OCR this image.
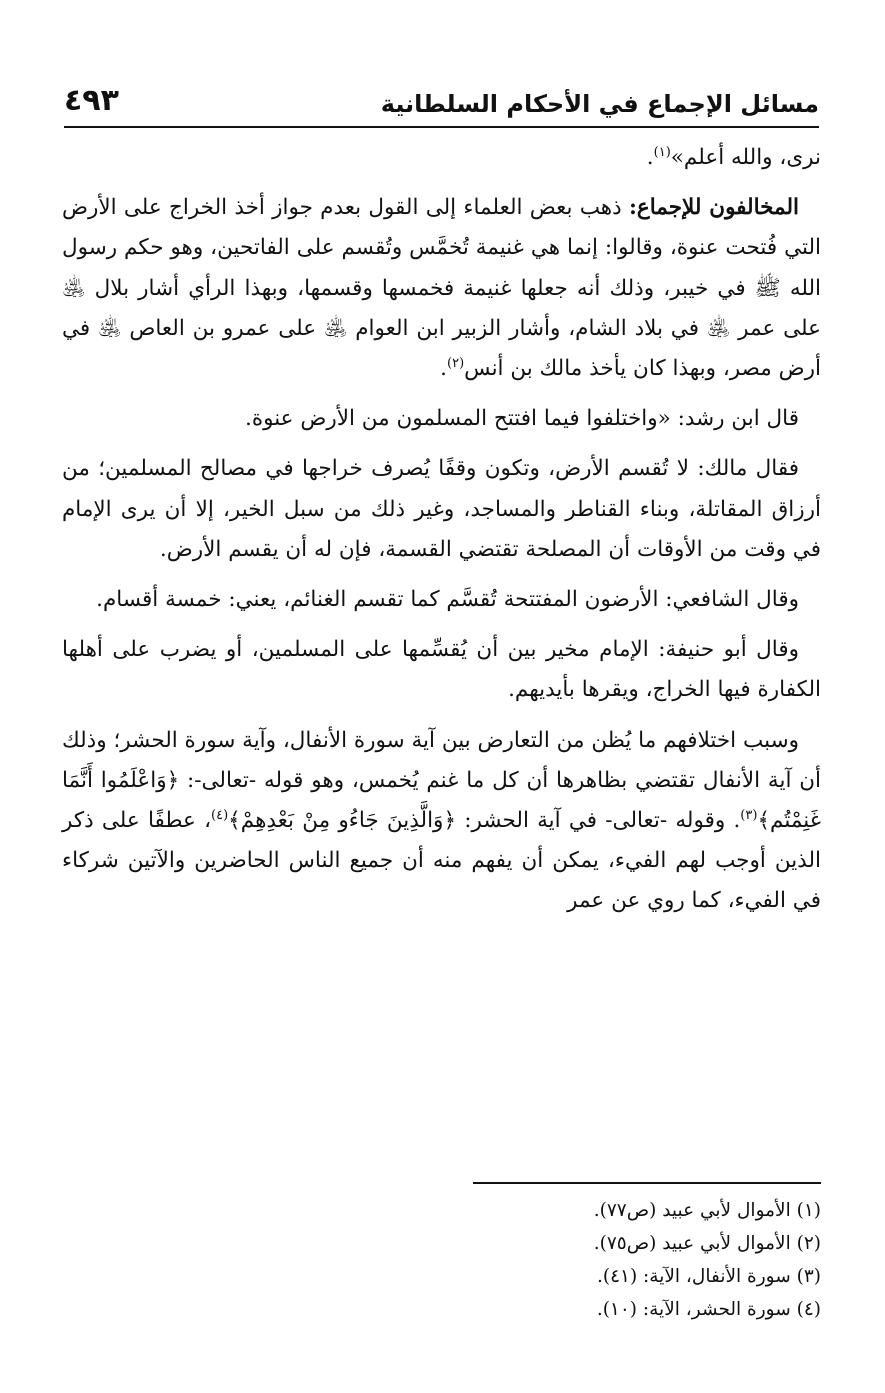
مسائل الإجماع في الأحكام السلطانية
٤٩٣

نرى، والله أعلم»$^{(١)}$.

المخالفون للإجماع: ذهب بعض العلماء إلى القول بعدم جواز أخذ الخراج على الأرض التي فُتحت عنوة، وقالوا: إنما هي غنيمة تُخمَّس وتُقسم على الفاتحين، وهو حكم رسول الله ﷺ في خيبر، وذلك أنه جعلها غنيمة فخمسها وقسمها، وبهذا الرأي أشار بلال ﵁ على عمر ﵁ في بلاد الشام، وأشار الزبير ابن العوام ﵁ على عمرو بن العاص ﵁ في أرض مصر، وبهذا كان يأخذ مالك بن أنس$^{(٢)}$.

قال ابن رشد: «واختلفوا فيما افتتح المسلمون من الأرض عنوة.

فقال مالك: لا تُقسم الأرض، وتكون وقفًا يُصرف خراجها في مصالح المسلمين؛ من أرزاق المقاتلة، وبناء القناطر والمساجد، وغير ذلك من سبل الخير، إلا أن يرى الإمام في وقت من الأوقات أن المصلحة تقتضي القسمة، فإن له أن يقسم الأرض.

وقال الشافعي: الأرضون المفتتحة تُقسَّم كما تقسم الغنائم، يعني: خمسة أقسام.

وقال أبو حنيفة: الإمام مخير بين أن يُقسِّمها على المسلمين، أو يضرب على أهلها الكفارة فيها الخراج، ويقرها بأيديهم.

وسبب اختلافهم ما يُظن من التعارض بين آية سورة الأنفال، وآية سورة الحشر؛ وذلك أن آية الأنفال تقتضي بظاهرها أن كل ما غنم يُخمس، وهو قوله -تعالى-: ﴿وَاعْلَمُوا أَنَّمَا غَنِمْتُم﴾$^{(٣)}$. وقوله -تعالى- في آية الحشر: ﴿وَالَّذِينَ جَاءُو مِنْ بَعْدِهِمْ﴾$^{(٤)}$، عطفًا على ذكر الذين أوجب لهم الفيء، يمكن أن يفهم منه أن جميع الناس الحاضرين والآتين شركاء في الفيء، كما روي عن عمر

(١) الأموال لأبي عبيد (ص٧٧).
(٢) الأموال لأبي عبيد (ص٧٥).
(٣) سورة الأنفال، الآية: (٤١).
(٤) سورة الحشر، الآية: (١٠).
